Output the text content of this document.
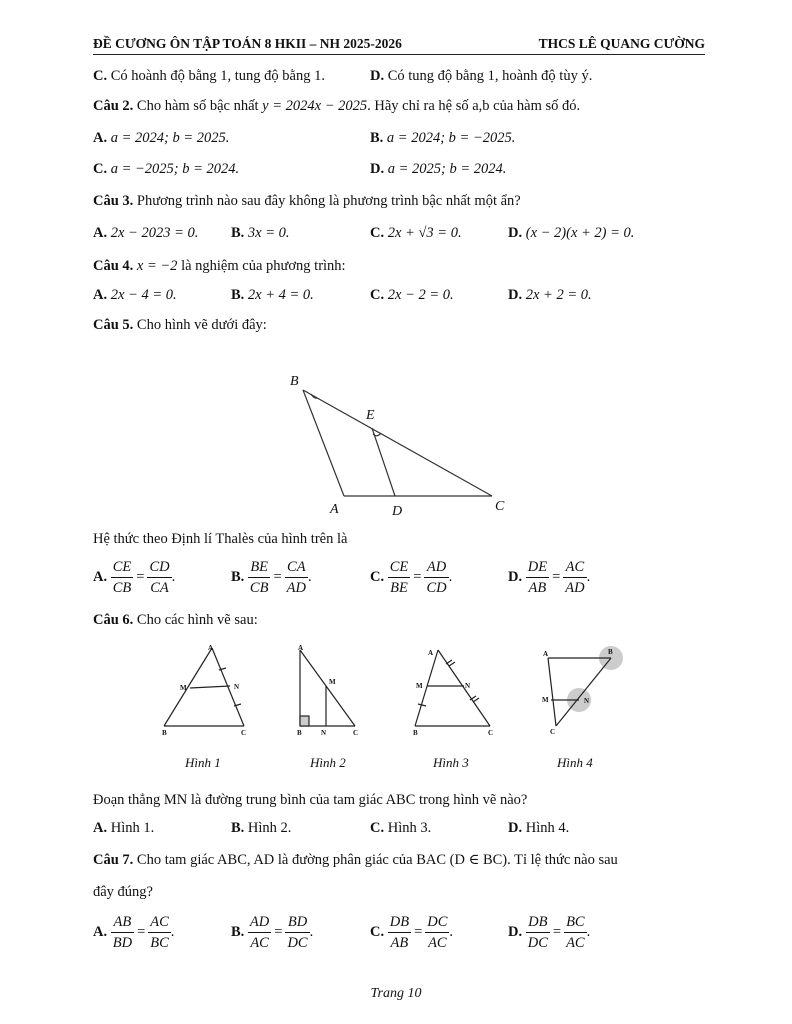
ĐỀ CƯƠNG ÔN TẬP TOÁN 8 HKII – NH 2025-2026	THCS LÊ QUANG CƯỜNG
C. Có hoành độ bằng 1, tung độ bằng 1.	D. Có tung độ bằng 1, hoành độ tùy ý.
Câu 2. Cho hàm số bậc nhất y = 2024x − 2025. Hãy chỉ ra hệ số a,b của hàm số đó.
A. a = 2024; b = 2025.	B. a = 2024; b = −2025.
C. a = −2025; b = 2024.	D. a = 2025; b = 2024.
Câu 3. Phương trình nào sau đây không là phương trình bậc nhất một ẩn?
A. 2x − 2023 = 0. B. 3x = 0.	C. 2x + √3 = 0.	D. (x − 2)(x + 2) = 0.
Câu 4. x = −2 là nghiệm của phương trình:
A. 2x − 4 = 0.	B. 2x + 4 = 0.	C. 2x − 2 = 0.	D. 2x + 2 = 0.
Câu 5. Cho hình vẽ dưới đây:
B
E
A	D	C
Hệ thức theo Định lí Thalès của hình trên là
A.
$\frac{CE}{CB} = \frac{CD}{CA}$ .	B.
$\frac{BE}{CB} = \frac{CA}{AD}$ .	C.
$\frac{CE}{BE} = \frac{AD}{CD}$ .	D.
$\frac{DE}{AB} = \frac{AC}{AD}$ .
Câu 6. Cho các hình vẽ sau:
A
M	N
B	C
A
M
B	N	C
A
M	N
B	C
A	B
M	N
C
Hình 1	Hình 2	Hình 3	Hình 4
Đoạn thẳng MN là đường trung bình của tam giác ABC trong hình vẽ nào?
A. Hình 1.	B. Hình 2.	C. Hình 3.	D. Hình 4.
Câu 7. Cho tam giác ABC, AD là đường phân giác của BAC (D ∈ BC). Tỉ lệ thức nào sau
đây đúng?
A.
$\frac{AB}{BD} = \frac{AC}{BC}$ .	B.
$\frac{AD}{AC} = \frac{BD}{DC}$ .	C.
$\frac{DB}{AB} = \frac{DC}{AC}$ .	D.
$\frac{DB}{DC} = \frac{BC}{AC}$ .
Trang 10
